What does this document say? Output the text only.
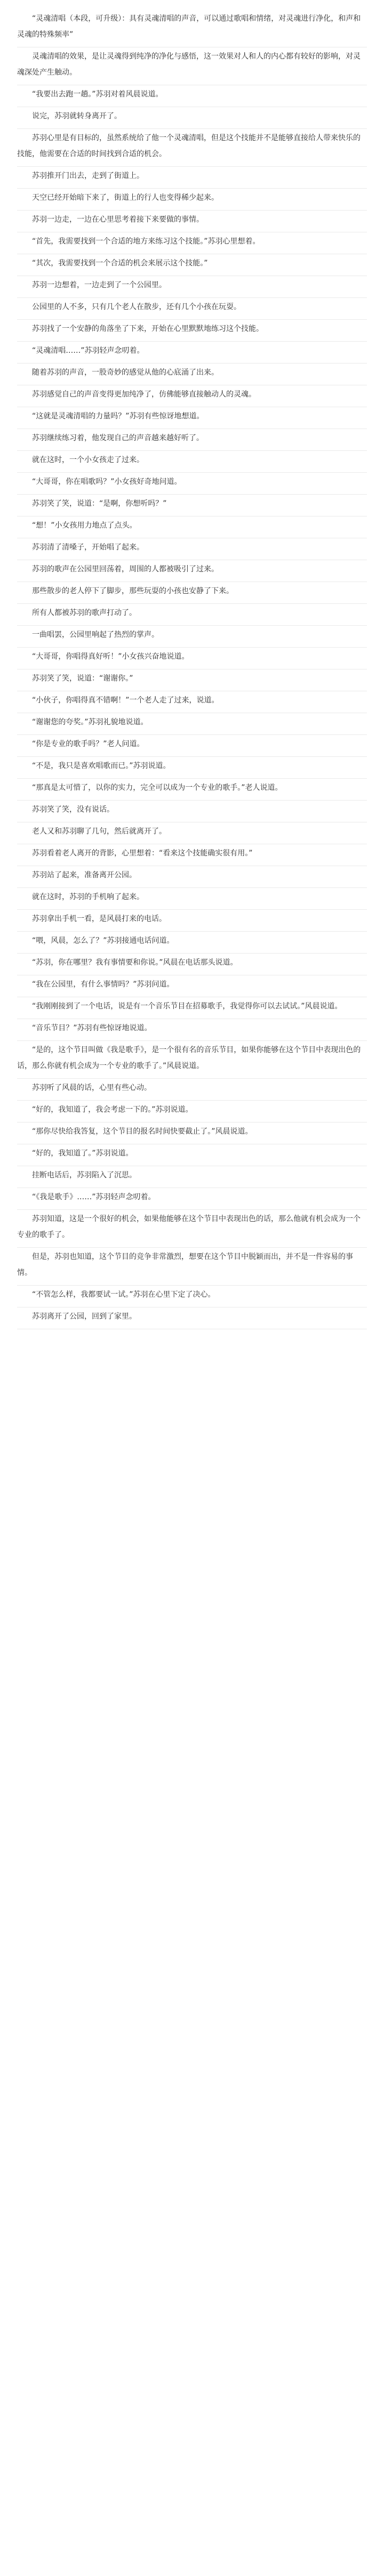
“灵魂清唱（本段，可升级）：具有灵魂清唱的声音，可以通过歌唱和情绪，对灵魂进行净化，和声和灵魂的特殊频率”

灵魂清唱的效果，是让灵魂得到纯净的净化与感悟，这一效果对人和人的内心都有较好的影响，对灵魂深处产生触动。

“我要出去跑一趟。”苏羽对着风晨说道。

说完，苏羽就转身离开了。

苏羽心里是有目标的，虽然系统给了他一个灵魂清唱，但是这个技能并不是能够直接给人带来快乐的技能，他需要在合适的时间找到合适的机会。

苏羽推开门出去，走到了街道上。

天空已经开始暗下来了，街道上的行人也变得稀少起来。

苏羽一边走，一边在心里思考着接下来要做的事情。

“首先，我需要找到一个合适的地方来练习这个技能。”苏羽心里想着。

“其次，我需要找到一个合适的机会来展示这个技能。”

苏羽一边想着，一边走到了一个公园里。

公园里的人不多，只有几个老人在散步，还有几个小孩在玩耍。

苏羽找了一个安静的角落坐了下来，开始在心里默默地练习这个技能。

“灵魂清唱……”苏羽轻声念叨着。

随着苏羽的声音，一股奇妙的感觉从他的心底涌了出来。

苏羽感觉自己的声音变得更加纯净了，仿佛能够直接触动人的灵魂。

“这就是灵魂清唱的力量吗？”苏羽有些惊讶地想道。

苏羽继续练习着，他发现自己的声音越来越好听了。

就在这时，一个小女孩走了过来。

“大哥哥，你在唱歌吗？”小女孩好奇地问道。

苏羽笑了笑，说道：“是啊，你想听吗？”

“想！”小女孩用力地点了点头。

苏羽清了清嗓子，开始唱了起来。

苏羽的歌声在公园里回荡着，周围的人都被吸引了过来。

那些散步的老人停下了脚步，那些玩耍的小孩也安静了下来。

所有人都被苏羽的歌声打动了。

一曲唱罢，公园里响起了热烈的掌声。

“大哥哥，你唱得真好听！”小女孩兴奋地说道。

苏羽笑了笑，说道：“谢谢你。”

“小伙子，你唱得真不错啊！”一个老人走了过来，说道。

“谢谢您的夸奖。”苏羽礼貌地说道。

“你是专业的歌手吗？”老人问道。

“不是，我只是喜欢唱歌而已。”苏羽说道。

“那真是太可惜了，以你的实力，完全可以成为一个专业的歌手。”老人说道。

苏羽笑了笑，没有说话。

老人又和苏羽聊了几句，然后就离开了。

苏羽看着老人离开的背影，心里想着：“看来这个技能确实很有用。”

苏羽站了起来，准备离开公园。

就在这时，苏羽的手机响了起来。

苏羽拿出手机一看，是风晨打来的电话。

“喂，风晨，怎么了？”苏羽接通电话问道。

“苏羽，你在哪里？我有事情要和你说。”风晨在电话那头说道。

“我在公园里，有什么事情吗？”苏羽问道。

“我刚刚接到了一个电话，说是有一个音乐节目在招募歌手，我觉得你可以去试试。”风晨说道。

“音乐节目？”苏羽有些惊讶地说道。

“是的，这个节目叫做《我是歌手》，是一个很有名的音乐节目，如果你能够在这个节目中表现出色的话，那么你就有机会成为一个专业的歌手了。”风晨说道。

苏羽听了风晨的话，心里有些心动。

“好的，我知道了，我会考虑一下的。”苏羽说道。

“那你尽快给我答复，这个节目的报名时间快要截止了。”风晨说道。

“好的，我知道了。”苏羽说道。

挂断电话后，苏羽陷入了沉思。

“《我是歌手》……”苏羽轻声念叨着。

苏羽知道，这是一个很好的机会，如果他能够在这个节目中表现出色的话，那么他就有机会成为一个专业的歌手了。

但是，苏羽也知道，这个节目的竞争非常激烈，想要在这个节目中脱颖而出，并不是一件容易的事情。

“不管怎么样，我都要试一试。”苏羽在心里下定了决心。

苏羽离开了公园，回到了家里。
